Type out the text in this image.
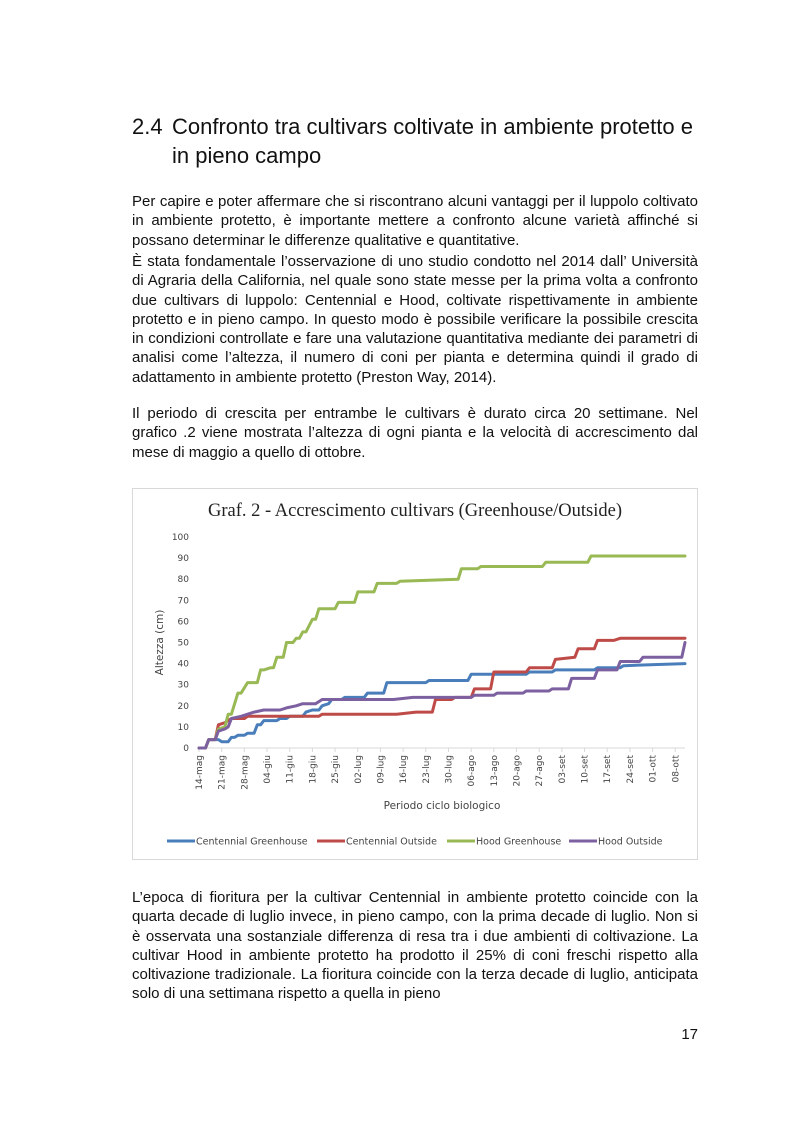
2.4 Confronto tra cultivars coltivate in ambiente protetto e in pieno campo

Per capire e poter affermare che si riscontrano alcuni vantaggi per il luppolo coltivato in ambiente protetto, è importante mettere a confronto alcune varietà affinché si possano determinar le differenze qualitative e quantitative.

È stata fondamentale l’osservazione di uno studio condotto nel 2014 dall’ Università di Agraria della California, nel quale sono state messe per la prima volta a confronto due cultivars di luppolo: Centennial e Hood, coltivate rispettivamente in ambiente protetto e in pieno campo. In questo modo è possibile verificare la possibile crescita in condizioni controllate e fare una valutazione quantitativa mediante dei parametri di analisi come l’altezza, il numero di coni per pianta e determina quindi il grado di adattamento in ambiente protetto (Preston Way, 2014).

Il periodo di crescita per entrambe le cultivars è durato circa 20 settimane. Nel grafico .2 viene mostrata l’altezza di ogni pianta e la velocità di accrescimento dal mese di maggio a quello di ottobre.

Graf. 2 - Accrescimento cultivars (Greenhouse/Outside)
0
10
20
30
40
50
60
70
80
90
100
14-mag 21-mag 28-mag 04-giu 11-giu 18-giu 25-giu 02-lug 09-lug 16-lug 23-lug 30-lug 06-ago 13-ago 20-ago 27-ago 03-set 10-set 17-set 24-set 01-ott 08-ott
Altezza (cm)
Periodo ciclo biologico
Centennial Greenhouse	Centennial Outside	Hood Greenhouse	Hood Outside

L’epoca di fioritura per la cultivar Centennial in ambiente protetto coincide con la quarta decade di luglio invece, in pieno campo, con la prima decade di luglio. Non si è osservata una sostanziale differenza di resa tra i due ambienti di coltivazione. La cultivar Hood in ambiente protetto ha prodotto il 25% di coni freschi rispetto alla coltivazione tradizionale. La fioritura coincide con la terza decade di luglio, anticipata solo di una settimana rispetto a quella in pieno

17
